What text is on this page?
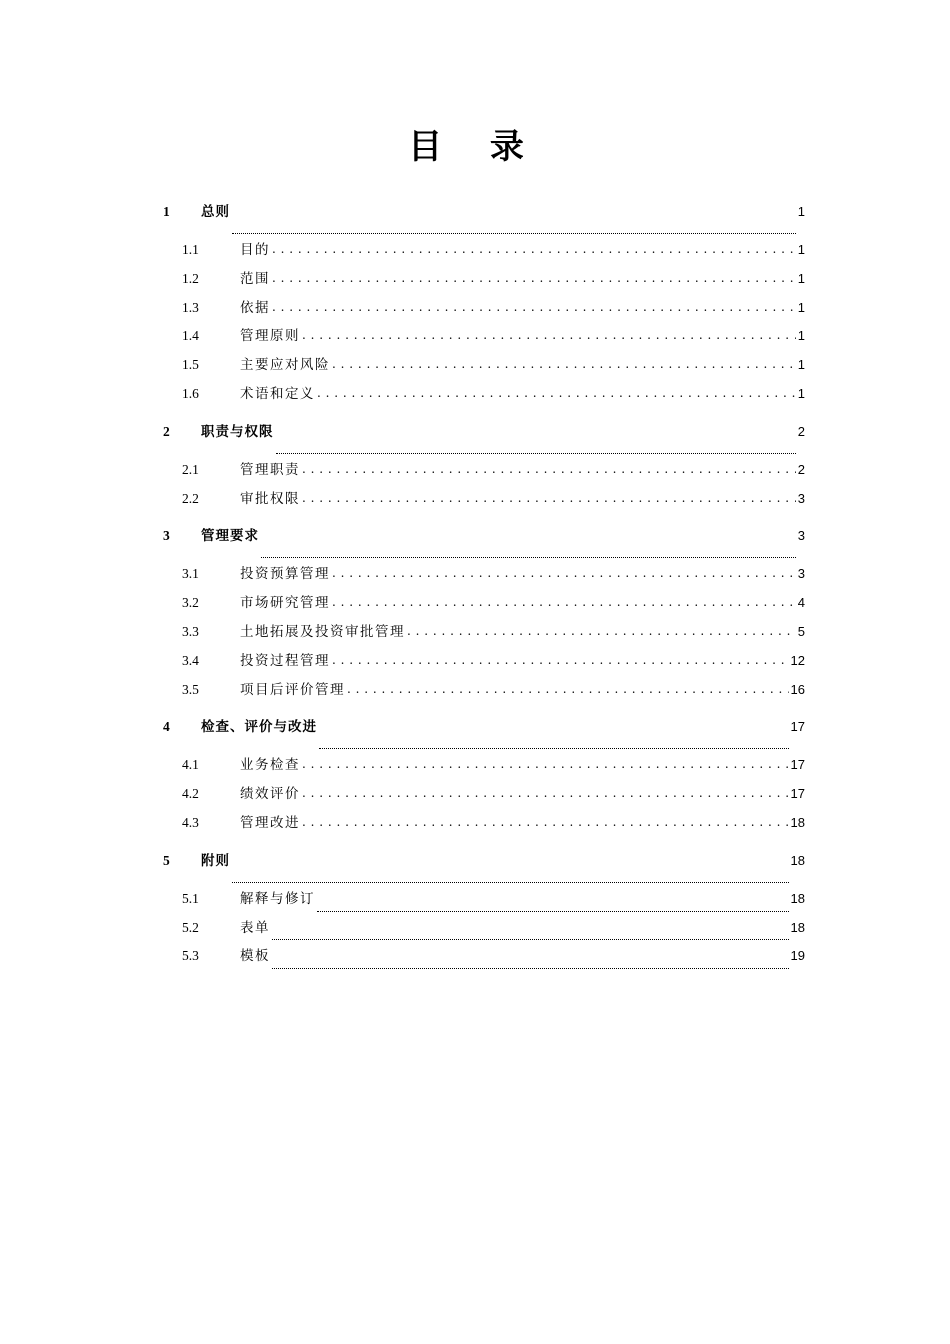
目 录
1	总则	1
1.1	目的 . . .	1
1.2	范围 . . .	1
1.3	依据 . . .	1
1.4	管理原则 . . .	1
1.5	主要应对风险 . . .	1
1.6	术语和定义 . . .	1
2	职责与权限	2
2.1	管理职责 . . .	2
2.2	审批权限 . . .	3
3	管理要求	3
3.1	投资预算管理 . . .	3
3.2	市场研究管理 . . .	4
3.3	土地拓展及投资审批管理 . . .	5
3.4	投资过程管理 . . .	12
3.5	项目后评价管理 . . .	16
4	检查、评价与改进	17
4.1	业务检查 . . .	17
4.2	绩效评价 . . .	17
4.3	管理改进 . . .	18
5	附则	18
5.1	解释与修订	18
5.2	表单	18
5.3	模板	19
